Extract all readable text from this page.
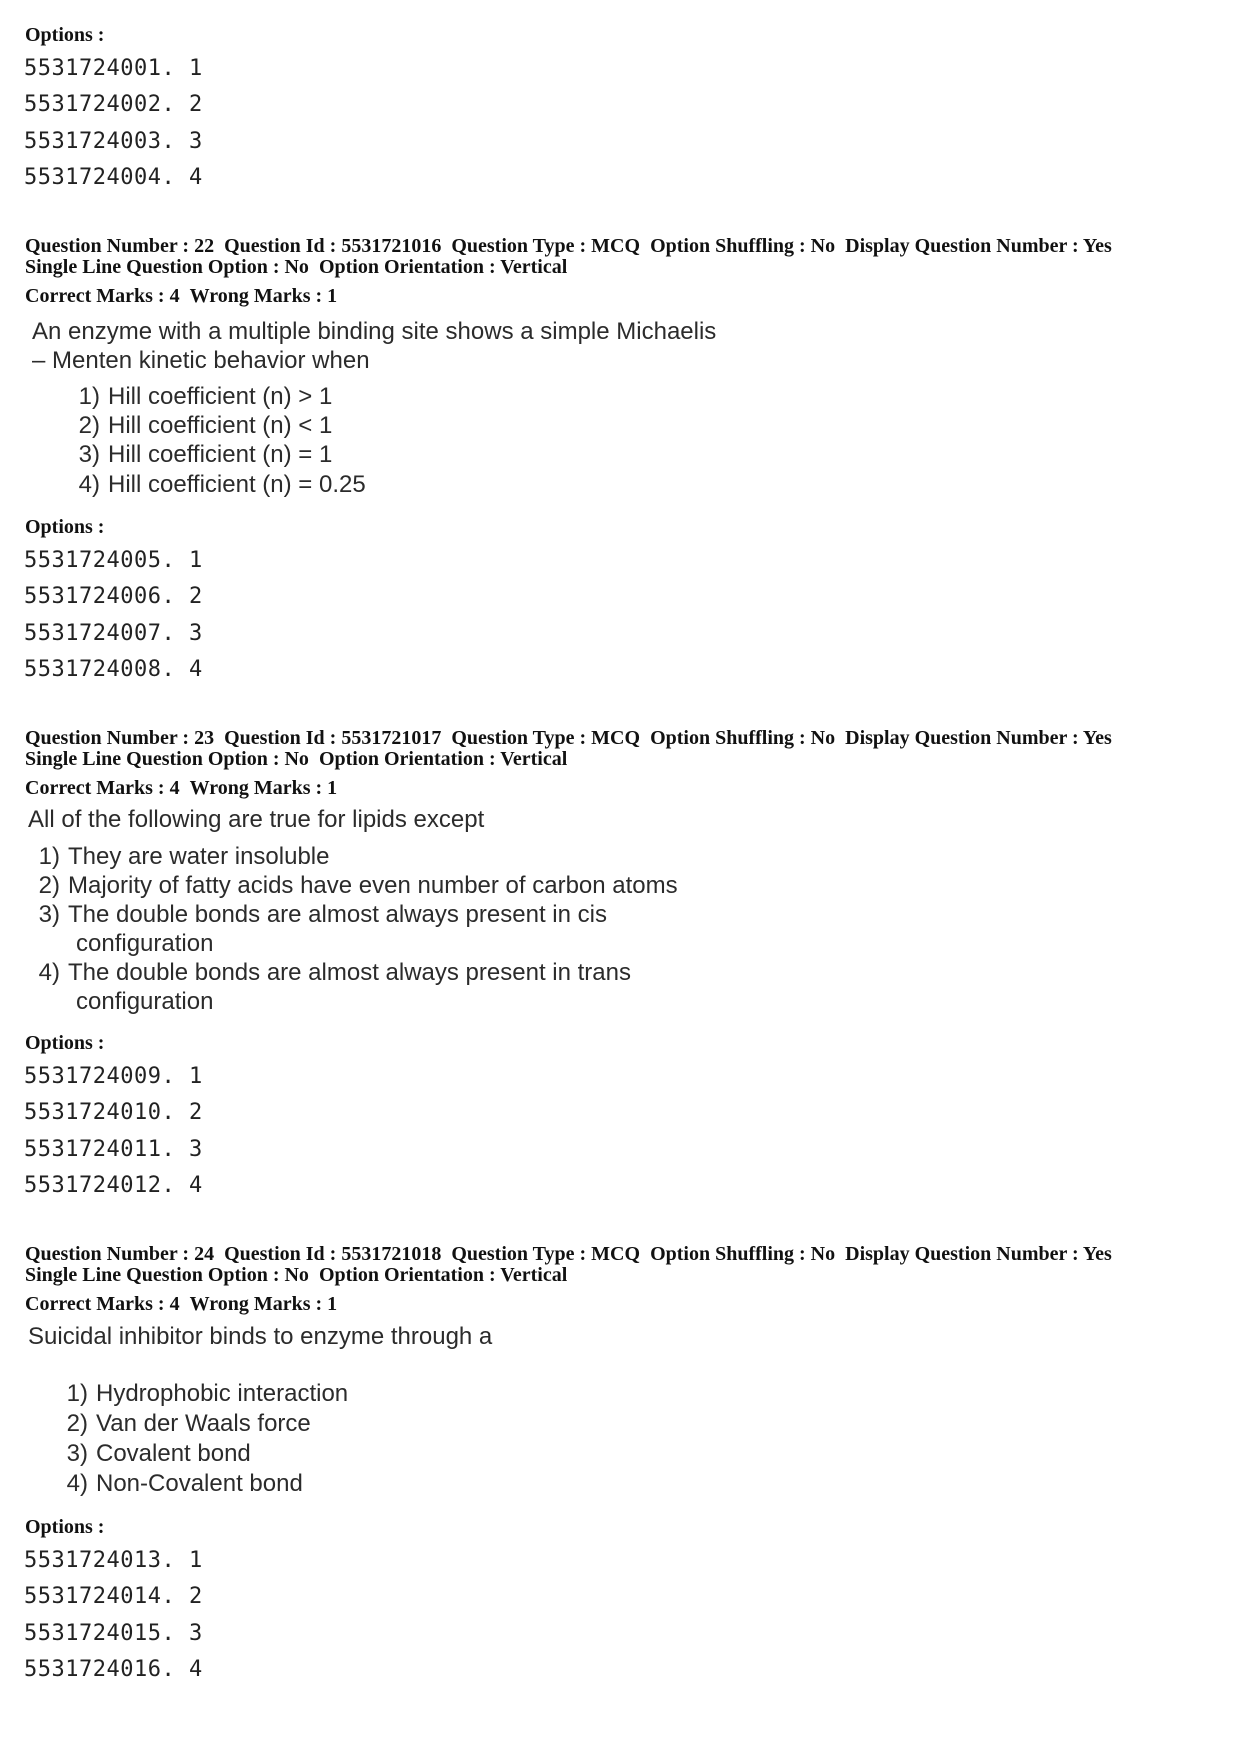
Options :
5531724001. 1
5531724002. 2
5531724003. 3
5531724004. 4
Question Number : 22 Question Id : 5531721016 Question Type : MCQ Option Shuffling : No Display Question Number : Yes
Single Line Question Option : No Option Orientation : Vertical
Correct Marks : 4 Wrong Marks : 1
An enzyme with a multiple binding site shows a simple Michaelis
– Menten kinetic behavior when
1) Hill coefficient (n) > 1
2) Hill coefficient (n) < 1
3) Hill coefficient (n) = 1
4) Hill coefficient (n) = 0.25
Options :
5531724005. 1
5531724006. 2
5531724007. 3
5531724008. 4
Question Number : 23 Question Id : 5531721017 Question Type : MCQ Option Shuffling : No Display Question Number : Yes
Single Line Question Option : No Option Orientation : Vertical
Correct Marks : 4 Wrong Marks : 1
All of the following are true for lipids except
1) They are water insoluble
2) Majority of fatty acids have even number of carbon atoms
3) The double bonds are almost always present in cis
configuration
4) The double bonds are almost always present in trans
configuration
Options :
5531724009. 1
5531724010. 2
5531724011. 3
5531724012. 4
Question Number : 24 Question Id : 5531721018 Question Type : MCQ Option Shuffling : No Display Question Number : Yes
Single Line Question Option : No Option Orientation : Vertical
Correct Marks : 4 Wrong Marks : 1
Suicidal inhibitor binds to enzyme through a
1) Hydrophobic interaction
2) Van der Waals force
3) Covalent bond
4) Non-Covalent bond
Options :
5531724013. 1
5531724014. 2
5531724015. 3
5531724016. 4
